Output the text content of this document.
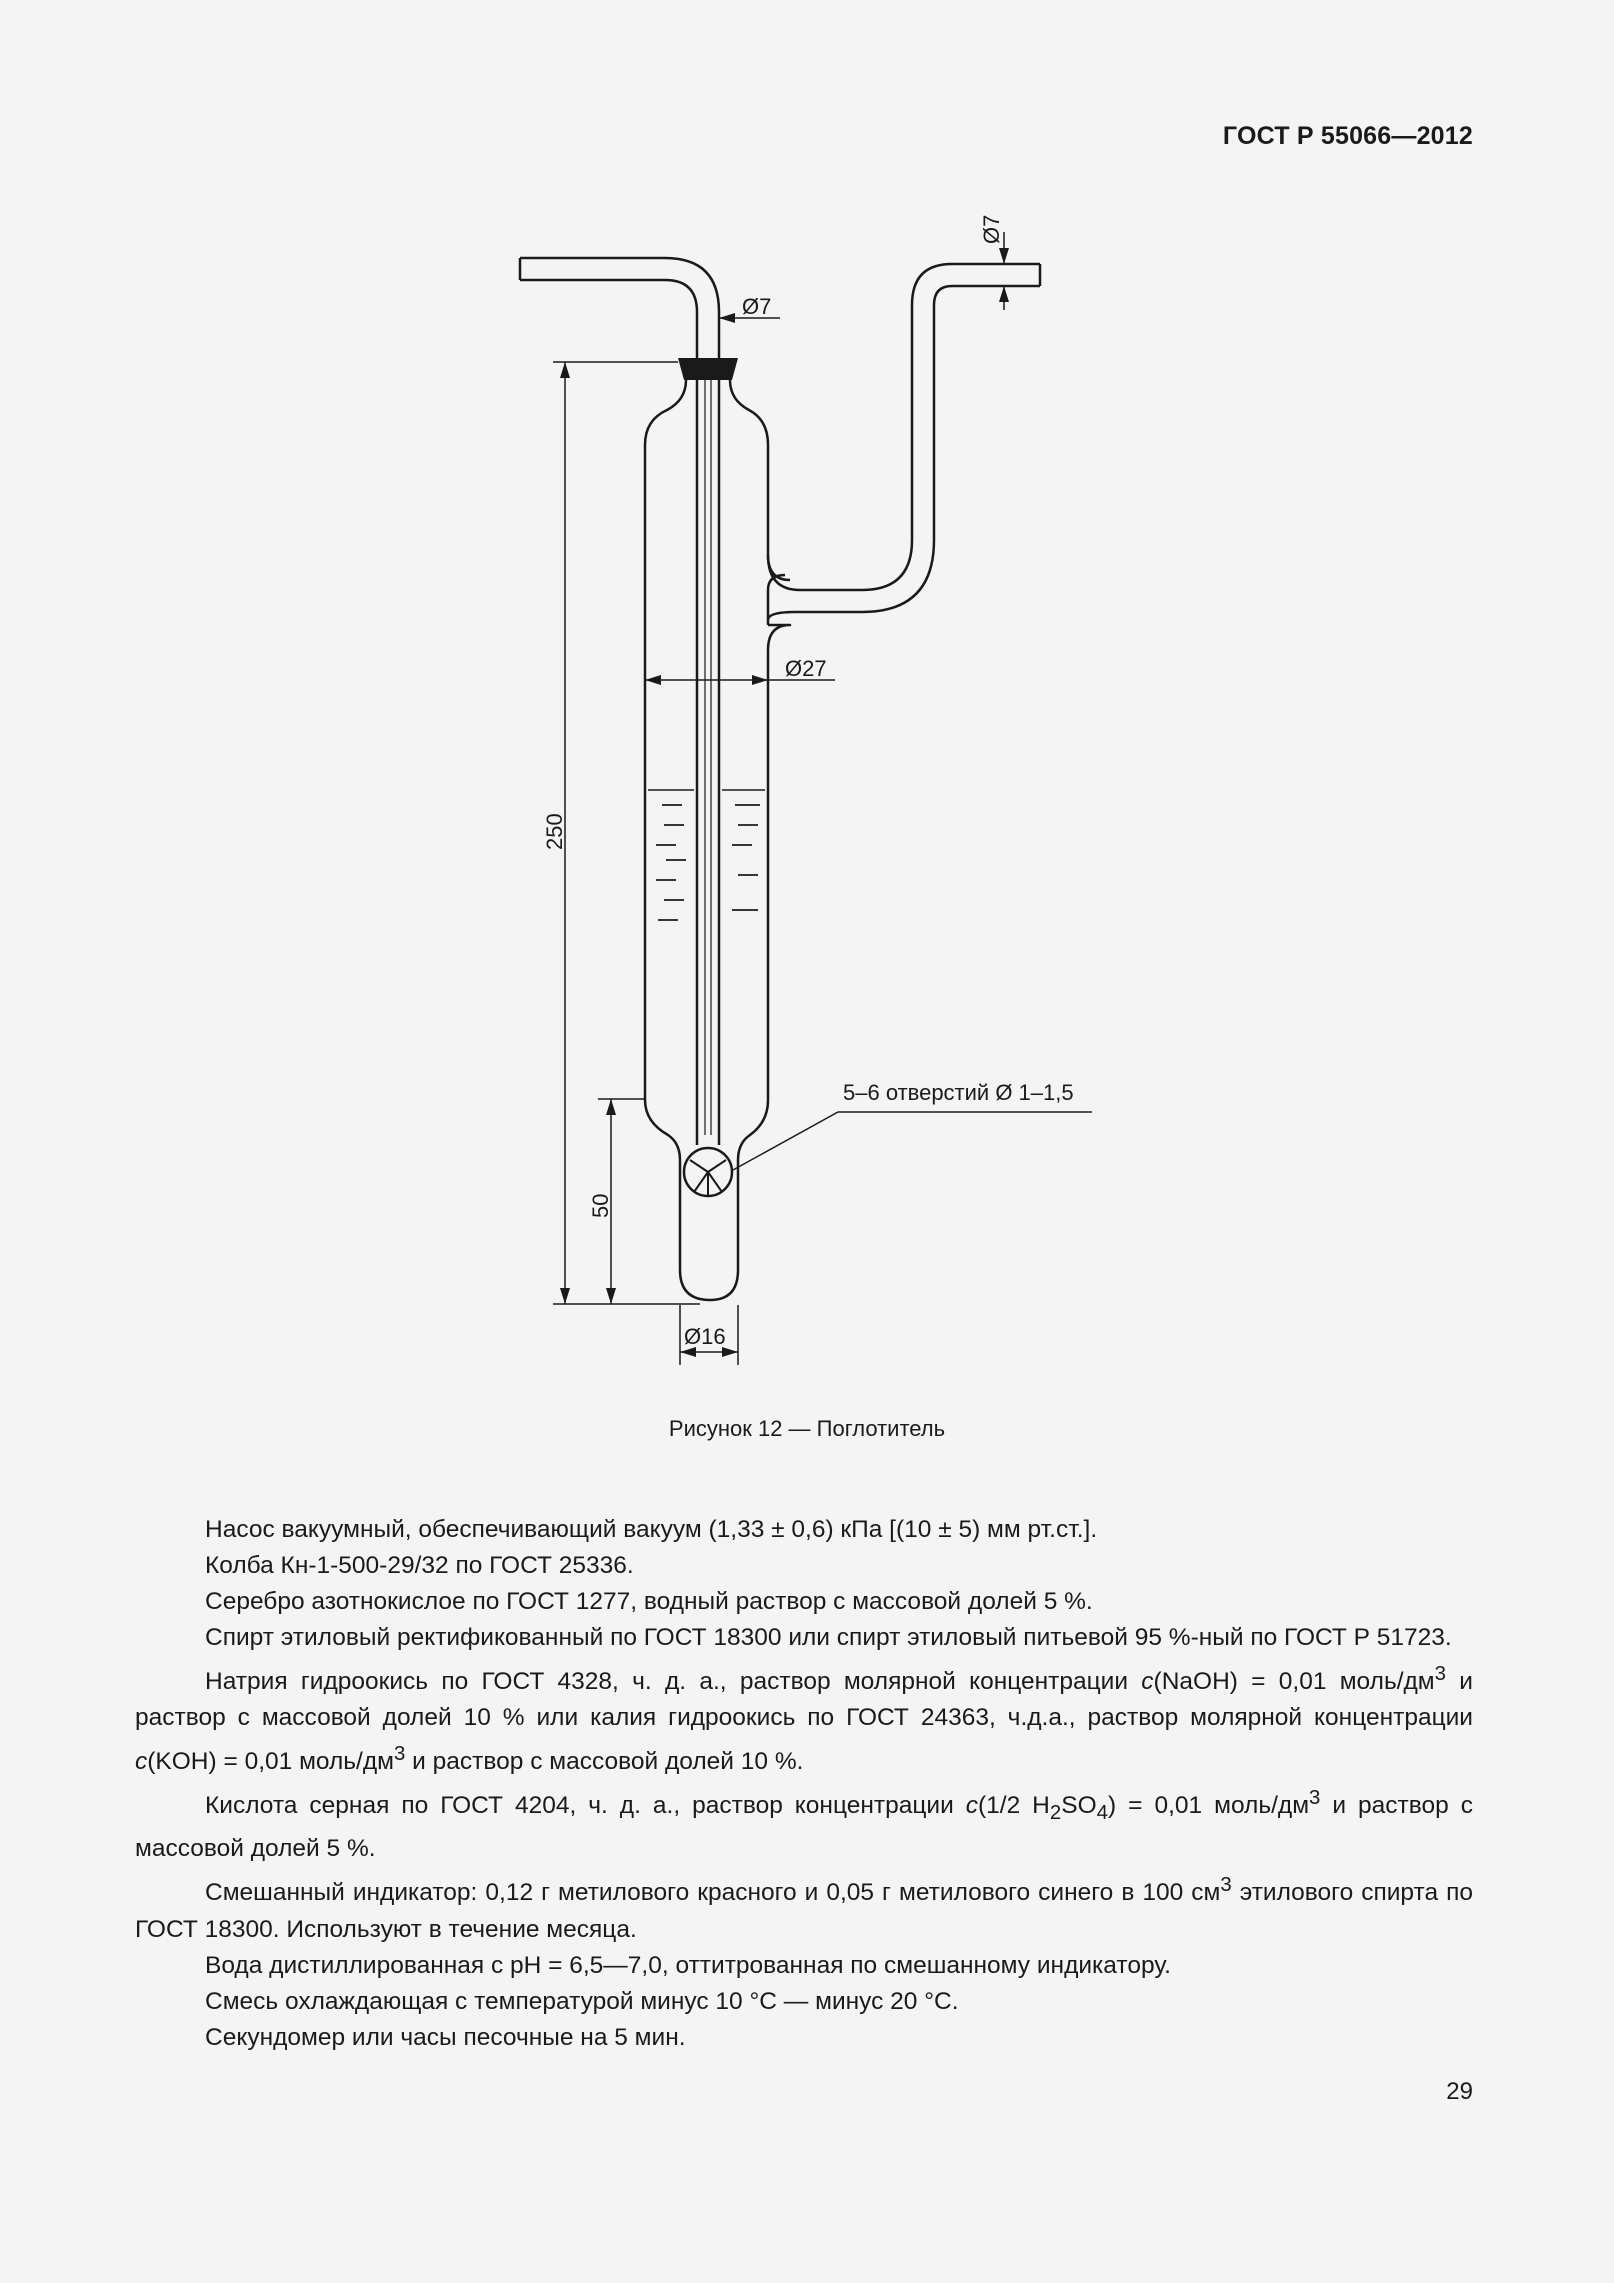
ГОСТ Р 55066—2012
250
50
Ø27
Ø16
Ø7
Ø7
5–6 отверстий Ø 1–1,5
Рисунок 12 — Поглотитель

Насос вакуумный, обеспечивающий вакуум (1,33 ± 0,6) кПа [(10 ± 5) мм рт.ст.].

Колба Кн-1-500-29/32 по ГОСТ 25336.

Серебро азотнокислое по ГОСТ 1277, водный раствор с массовой долей 5 %.

Спирт этиловый ректификованный по ГОСТ 18300 или спирт этиловый питьевой 95 %-ный по ГОСТ Р 51723.

Натрия гидроокись по ГОСТ 4328, ч. д. а., раствор молярной концентрации c(NaOH) = 0,01 моль/$дм^3$ и раствор с массовой долей 10 % или калия гидроокись по ГОСТ 24363, ч.д.а., раствор молярной концентрации c(KOH) = 0,01 моль/$дм^3$ и раствор с массовой долей 10 %.

Кислота серная по ГОСТ 4204, ч. д. а., раствор концентрации c(1/2 $H_2SO_4) = 0,01$ моль/$дм^3$ и раствор с массовой долей 5 %.

Смешанный индикатор: 0,12 г метилового красного и 0,05 г метилового синего в 100 $см^3$ этилового спирта по ГОСТ 18300. Используют в течение месяца.

Вода дистиллированная с pH = 6,5—7,0, оттитрованная по смешанному индикатору.

Смесь охлаждающая с температурой минус 10 °С — минус 20 °С.

Секундомер или часы песочные на 5 мин.

29
